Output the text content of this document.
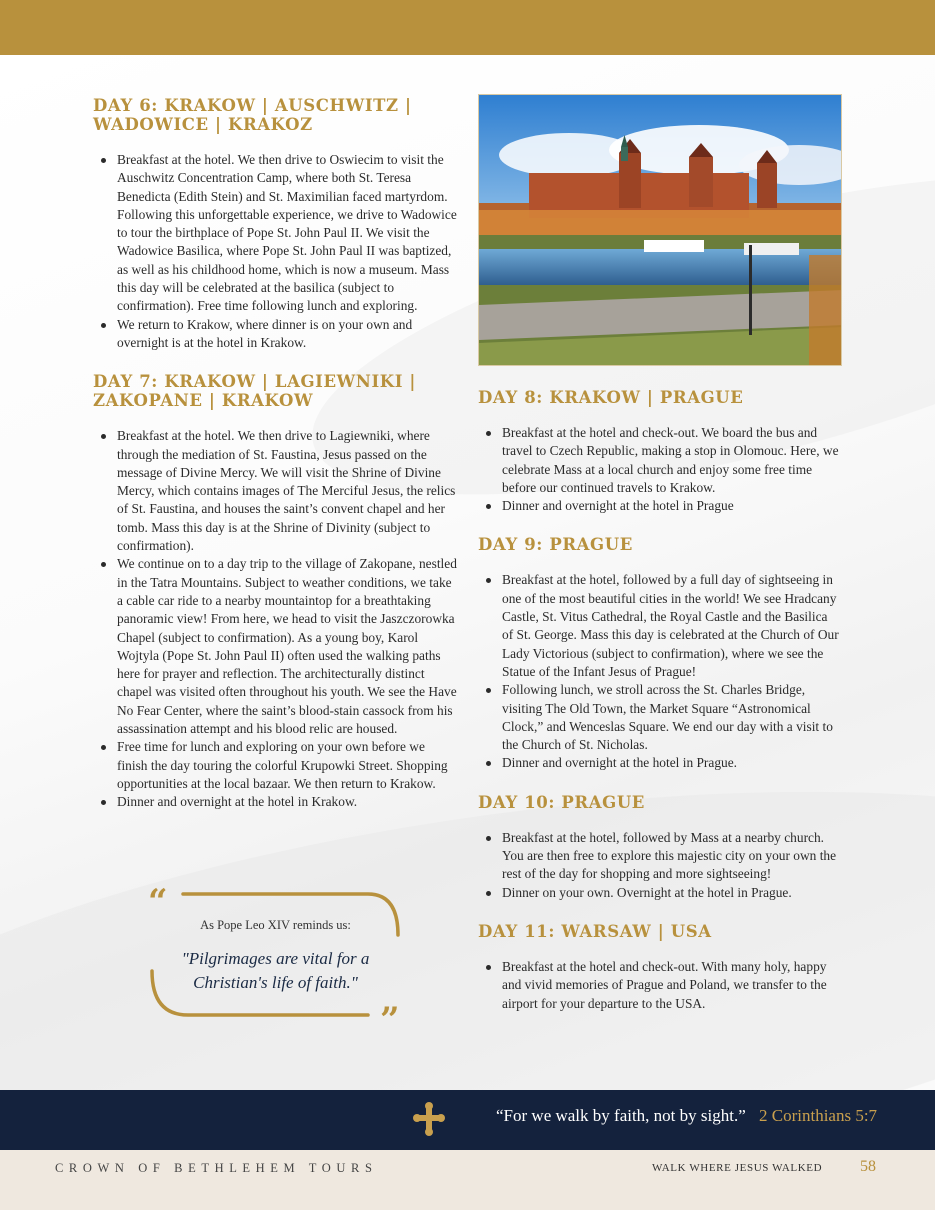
DAY 6: KRAKOW | AUSCHWITZ |
WADOWICE | KRAKOZ
Breakfast at the hotel. We then drive to Oswiecim to visit the Auschwitz Concentration Camp, where both St. Teresa Benedicta (Edith Stein) and St. Maximilian faced martyrdom. Following this unforgettable experience, we drive to Wadowice to tour the birthplace of Pope St. John Paul II. We visit the Wadowice Basilica, where Pope St. John Paul II was baptized, as well as his childhood home, which is now a museum. Mass this day will be celebrated at the basilica (subject to confirmation). Free time following lunch and exploring.
We return to Krakow, where dinner is on your own and overnight is at the hotel in Krakow.
DAY 7: KRAKOW | LAGIEWNIKI |
ZAKOPANE | KRAKOW
Breakfast at the hotel. We then drive to Lagiewniki, where through the mediation of St. Faustina, Jesus passed on the message of Divine Mercy. We will visit the Shrine of Divine Mercy, which contains images of The Merciful Jesus, the relics of St. Faustina, and houses the saint’s convent chapel and her tomb. Mass this day is at the Shrine of Divinity (subject to confirmation).
We continue on to a day trip to the village of Zakopane, nestled in the Tatra Mountains. Subject to weather conditions, we take a cable car ride to a nearby mountaintop for a breathtaking panoramic view! From here, we head to visit the Jaszczorowka Chapel (subject to confirmation). As a young boy, Karol Wojtyla (Pope St. John Paul II) often used the walking paths here for prayer and reflection. The architecturally distinct chapel was visited often throughout his youth. We see the Have No Fear Center, where the saint’s blood-stain cassock from his assassination attempt and his blood relic are housed.
Free time for lunch and exploring on your own before we finish the day touring the colorful Krupowki Street. Shopping opportunities at the local bazaar. We then return to Krakow.
Dinner and overnight at the hotel in Krakow.
DAY 8: KRAKOW | PRAGUE
Breakfast at the hotel and check-out. We board the bus and travel to Czech Republic, making a stop in Olomouc. Here, we celebrate Mass at a local church and enjoy some free time before our continued travels to Krakow.
Dinner and overnight at the hotel in Prague
DAY 9: PRAGUE
Breakfast at the hotel, followed by a full day of sightseeing in one of the most beautiful cities in the world! We see Hradcany Castle, St. Vitus Cathedral, the Royal Castle and the Basilica of St. George. Mass this day is celebrated at the Church of Our Lady Victorious (subject to confirmation), where we see the Statue of the Infant Jesus of Prague!
Following lunch, we stroll across the St. Charles Bridge, visiting The Old Town, the Market Square “Astronomical Clock,” and Wenceslas Square. We end our day with a visit to the Church of St. Nicholas.
Dinner and overnight at the hotel in Prague.
DAY 10: PRAGUE
Breakfast at the hotel, followed by Mass at a nearby church. You are then free to explore this majestic city on your own the rest of the day for shopping and more sightseeing!
Dinner on your own. Overnight at the hotel in Prague.
DAY 11: WARSAW | USA
Breakfast at the hotel and check-out. With many holy, happy and vivid memories of Prague and Poland, we transfer to the airport for your departure to the USA.
“
”
As Pope Leo XIV reminds us:
"Pilgrimages are vital for a Christian's life of faith."
“For we walk by faith, not by sight.” 2 Corinthians 5:7
CROWN OF BETHLEHEM TOURS	WALK WHERE JESUS WALKED 58
